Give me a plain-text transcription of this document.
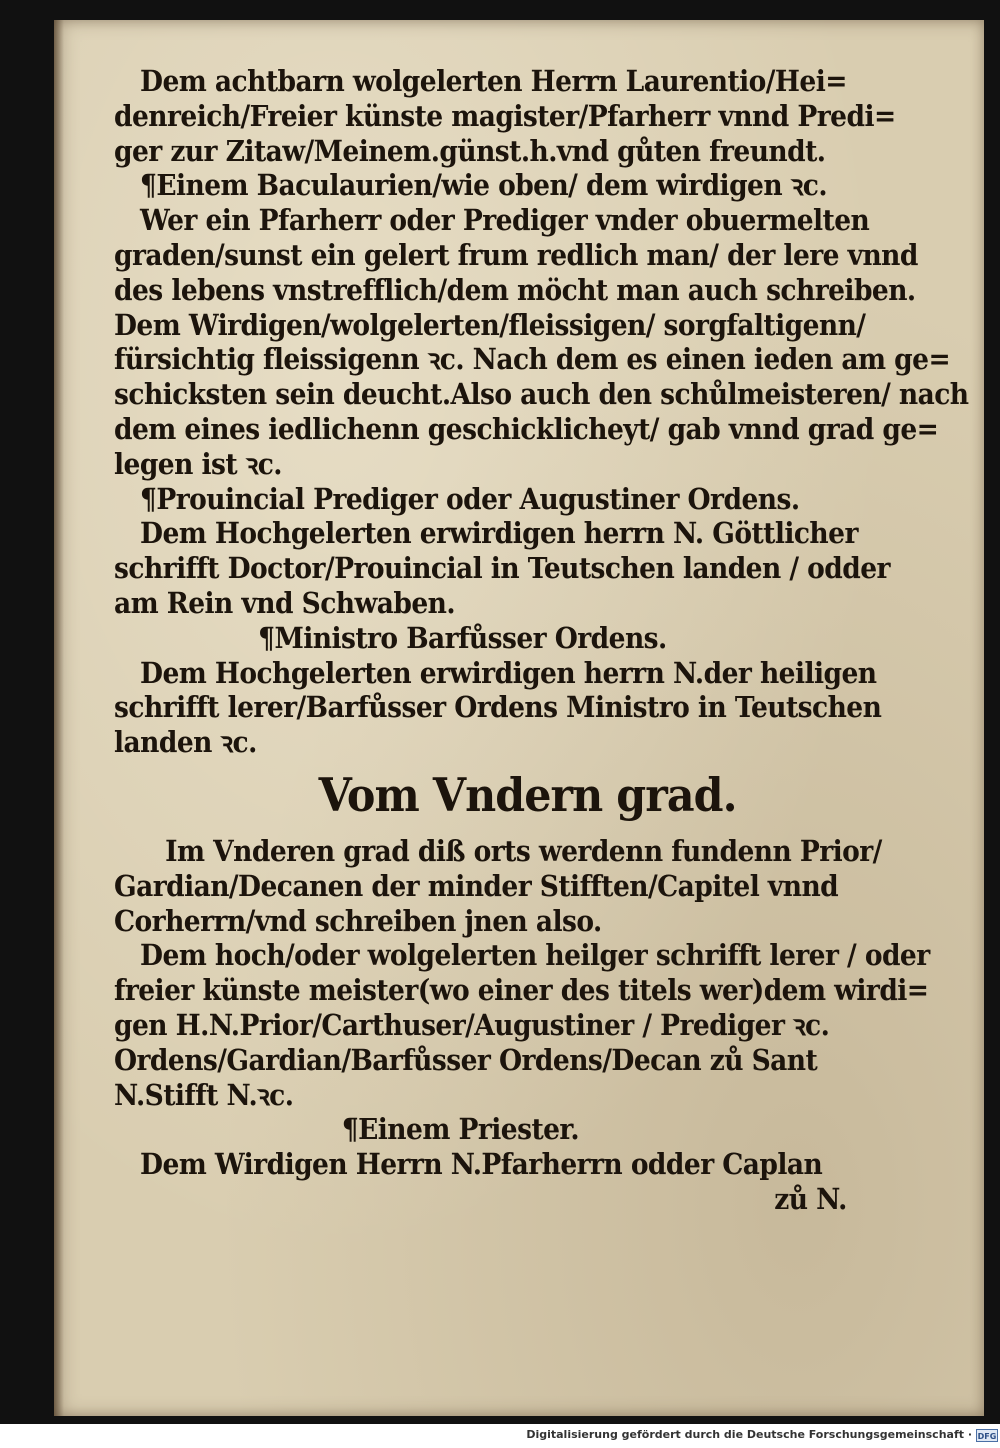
Dem achtbarn wolgelerten Herrn Laurentio/Hei=
denreich/Freier künste magister/Pfarherr vnnd Predi=
ger zur Zitaw/Meinem.günst.h.vnd gůten freundt.
¶Einem Baculaurien/wie oben/ dem wirdigen ꝛc.
Wer ein Pfarherr oder Prediger vnder obuermelten
graden/sunst ein gelert frum redlich man/ der lere vnnd
des lebens vnstrefflich/dem möcht man auch schreiben.
Dem Wirdigen/wolgelerten/fleissigen/ sorgfaltigenn/
fürsichtig fleissigenn ꝛc. Nach dem es einen ieden am ge=
schicksten sein deucht.Also auch den schůlmeisteren/ nach
dem eines iedlichenn geschicklicheyt/ gab vnnd grad ge=
legen ist ꝛc.
¶Prouincial Prediger oder Augustiner Ordens.
Dem Hochgelerten erwirdigen herrn N. Göttlicher
schrifft Doctor/Prouincial in Teutschen landen / odder
am Rein vnd Schwaben.
¶Ministro Barfůsser Ordens.
Dem Hochgelerten erwirdigen herrn N.der heiligen
schrifft lerer/Barfůsser Ordens Ministro in Teutschen
landen ꝛc.
Vom Vndern grad.
Im Vnderen grad diß orts werdenn fundenn Prior/
Gardian/Decanen der minder Stifften/Capitel vnnd
Corherrn/vnd schreiben jnen also.
Dem hoch/oder wolgelerten heilger schrifft lerer / oder
freier künste meister(wo einer des titels wer)dem wirdi=
gen H.N.Prior/Carthuser/Augustiner / Prediger ꝛc.
Ordens/Gardian/Barfůsser Ordens/Decan zů Sant
N.Stifft N.ꝛc.
¶Einem Priester.
Dem Wirdigen Herrn N.Pfarherrn odder Caplan
zů N.
Digitalisierung gefördert durch die Deutsche Forschungsgemeinschaft · DFG
